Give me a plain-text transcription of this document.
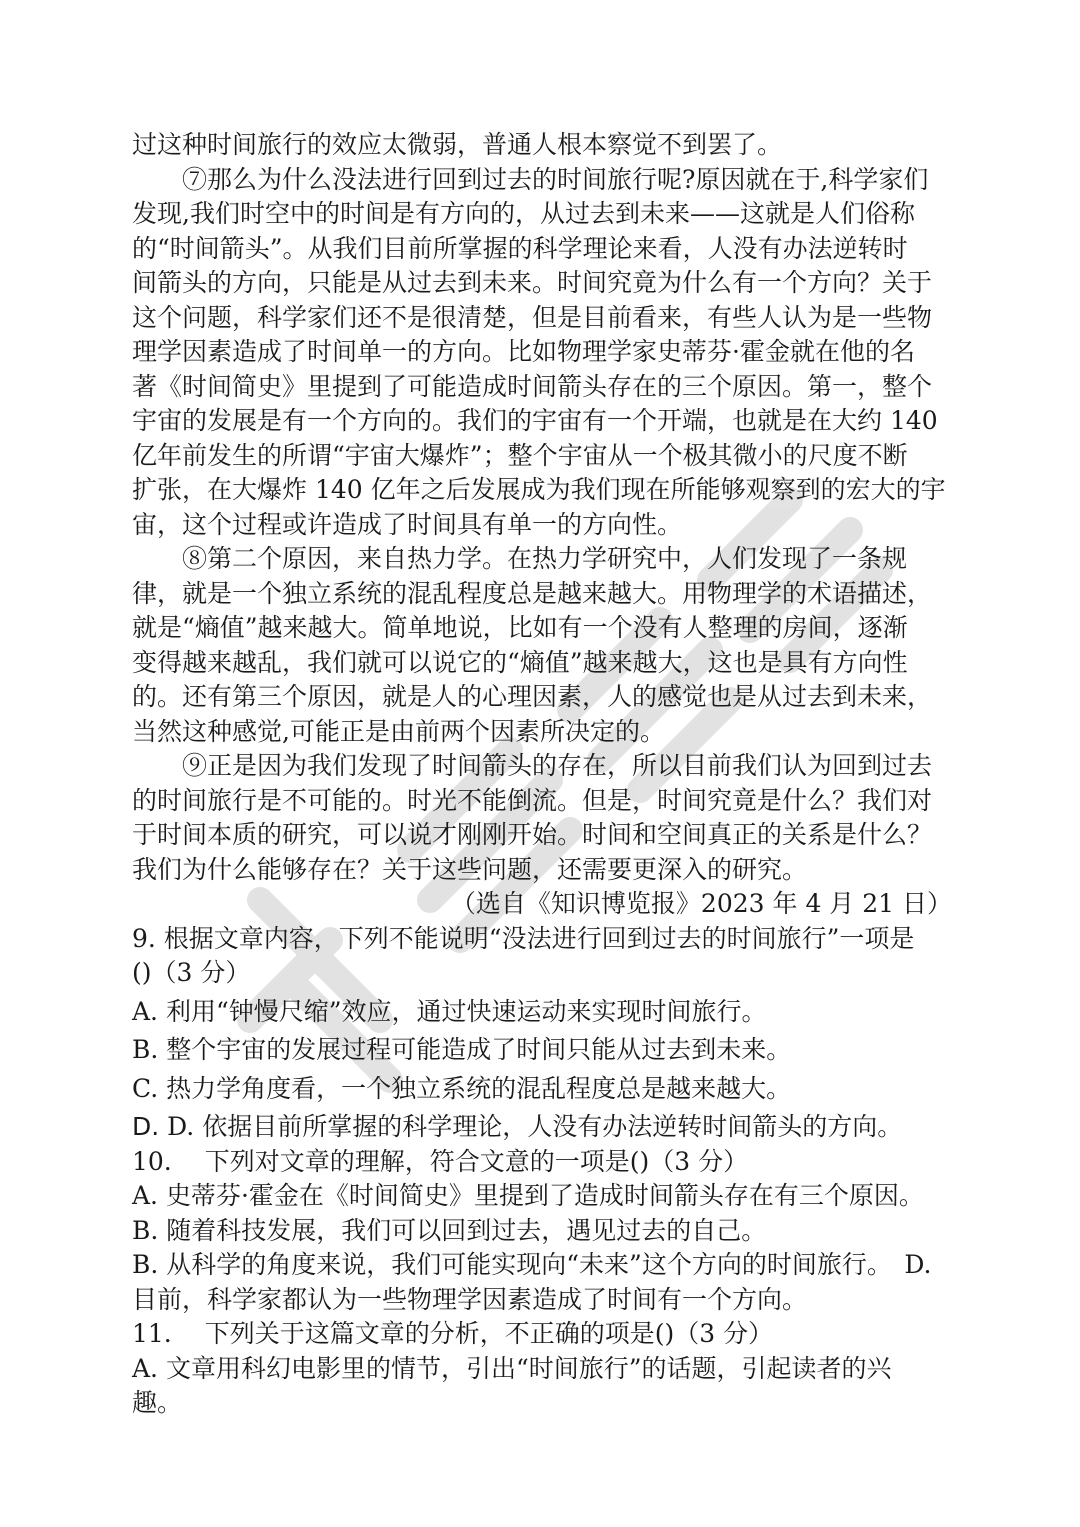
过这种时间旅行的效应太微弱，普通人根本察觉不到罢了。
⑦那么为什么没法进行回到过去的时间旅行呢?原因就在于,科学家们
发现,我们时空中的时间是有方向的，从过去到未来——这就是人们俗称
的“时间箭头”。从我们目前所掌握的科学理论来看，人没有办法逆转时
间箭头的方向，只能是从过去到未来。时间究竟为什么有一个方向？关于
这个问题，科学家们还不是很清楚，但是目前看来，有些人认为是一些物
理学因素造成了时间单一的方向。比如物理学家史蒂芬·霍金就在他的名
著《时间简史》里提到了可能造成时间箭头存在的三个原因。第一，整个
宇宙的发展是有一个方向的。我们的宇宙有一个开端，也就是在大约 140
亿年前发生的所谓“宇宙大爆炸”；整个宇宙从一个极其微小的尺度不断
扩张，在大爆炸 140 亿年之后发展成为我们现在所能够观察到的宏大的宇
宙，这个过程或许造成了时间具有单一的方向性。
⑧第二个原因，来自热力学。在热力学研究中，人们发现了一条规
律，就是一个独立系统的混乱程度总是越来越大。用物理学的术语描述，
就是“熵值”越来越大。简单地说，比如有一个没有人整理的房间，逐渐
变得越来越乱，我们就可以说它的“熵值”越来越大，这也是具有方向性
的。还有第三个原因，就是人的心理因素，人的感觉也是从过去到未来，
当然这种感觉,可能正是由前两个因素所决定的。
⑨正是因为我们发现了时间箭头的存在，所以目前我们认为回到过去
的时间旅行是不可能的。时光不能倒流。但是，时间究竟是什么？我们对
于时间本质的研究，可以说才刚刚开始。时间和空间真正的关系是什么？
我们为什么能够存在？关于这些问题，还需要更深入的研究。
（选自《知识博览报》2023 年 4 月 21 日）
9. 根据文章内容，下列不能说明“没法进行回到过去的时间旅行”一项是
()（3 分）
A. 利用“钟慢尺缩”效应，通过快速运动来实现时间旅行。
B. 整个宇宙的发展过程可能造成了时间只能从过去到未来。
C. 热力学角度看，一个独立系统的混乱程度总是越来越大。
D. D. 依据目前所掌握的科学理论，人没有办法逆转时间箭头的方向。
10.　 下列对文章的理解，符合文意的一项是()（3 分）
A. 史蒂芬·霍金在《时间简史》里提到了造成时间箭头存在有三个原因。
B. 随着科技发展，我们可以回到过去，遇见过去的自己。
B. 从科学的角度来说，我们可能实现向“未来”这个方向的时间旅行。　D.
目前，科学家都认为一些物理学因素造成了时间有一个方向。
11.　 下列关于这篇文章的分析，不正确的项是()（3 分）
A. 文章用科幻电影里的情节，引出“时间旅行”的话题，引起读者的兴
趣。
